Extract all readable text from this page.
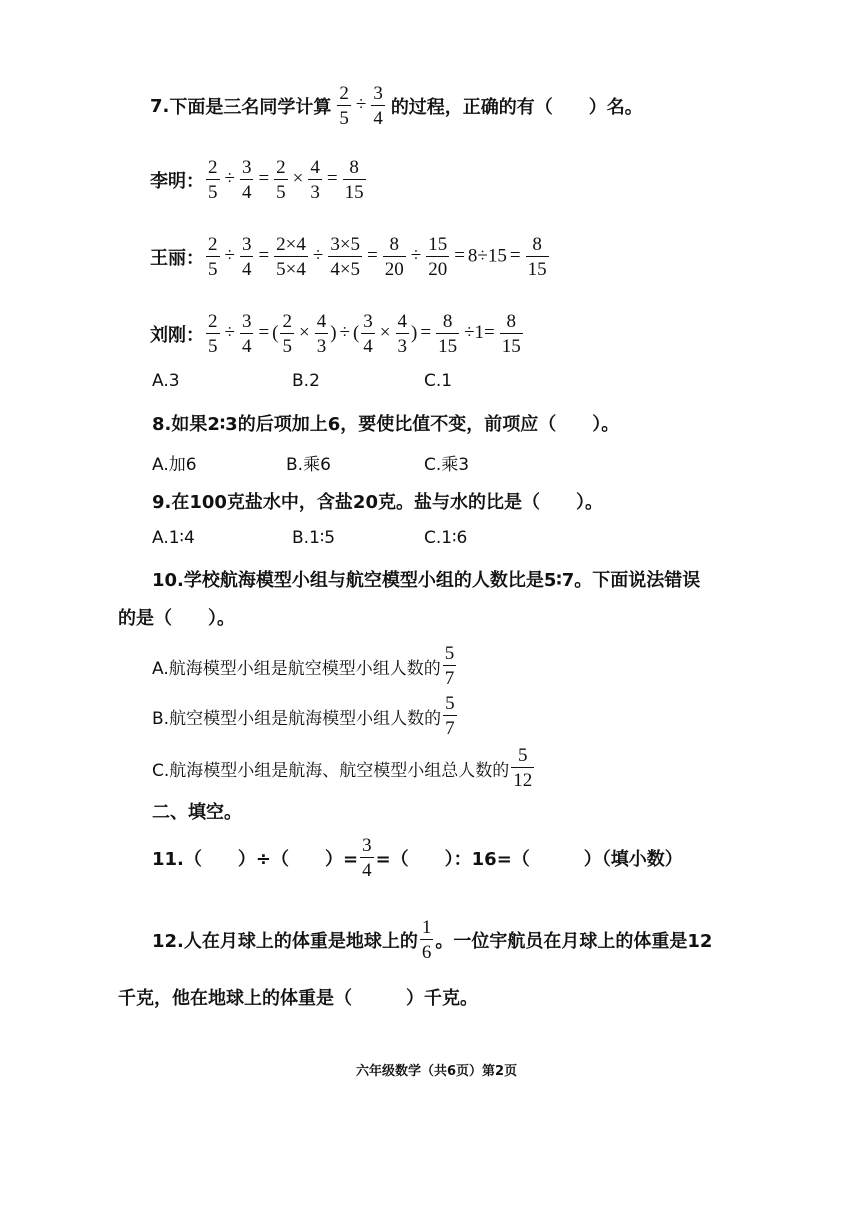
7. 下面是三名同学计算 $\frac{2}{5} \div \frac{3}{4}$ 的过程，正确的有（　　）名。
李明： $\frac{2}{5} \div \frac{3}{4} = \frac{2}{5} \times \frac{4}{3} = \frac{8}{15}$
王丽： $\frac{2}{5} \div \frac{3}{4} = \frac{2\times 4}{5\times 4} \div \frac{3\times 5}{4\times 5} = \frac{8}{20} \div \frac{15}{20} = 8\div 15 = \frac{8}{15}$
刘刚： $\frac{2}{5} \div \frac{3}{4}$ = ( $\frac{2}{5} \times \frac{4}{3}$ ) ÷ ( $\frac{3}{4} \times \frac{4}{3}$ ) = $\frac{8}{15} \div 1= \frac{8}{15}$
A.3	B.2	C.1
8.如果2∶3的后项加上6，要使比值不变，前项应（　　）。
A.加6	B.乘6	C.乘3
9.在100克盐水中，含盐20克。盐与水的比是（　　）。
A.1∶4	B.1∶5	C.1∶6
10.学校航海模型小组与航空模型小组的人数比是5∶7。下面说法错误
的是（　　）。
A.航海模型小组是航空模型小组人数的 $\frac{5}{7}$
B.航空模型小组是航海模型小组人数的 $\frac{5}{7}$
C.航海模型小组是航海、航空模型小组总人数的 $\frac{5}{12}$
二、填空。
11.（　　）÷（　　）= $\frac{3}{4}$ =（　　）：16=（　　　）（填小数）
12.人在月球上的体重是地球上的 $\frac{1}{6}$ 。一位宇航员在月球上的体重是12
千克，他在地球上的体重是（　　　）千克。
六年级数学（共6页）第2页
